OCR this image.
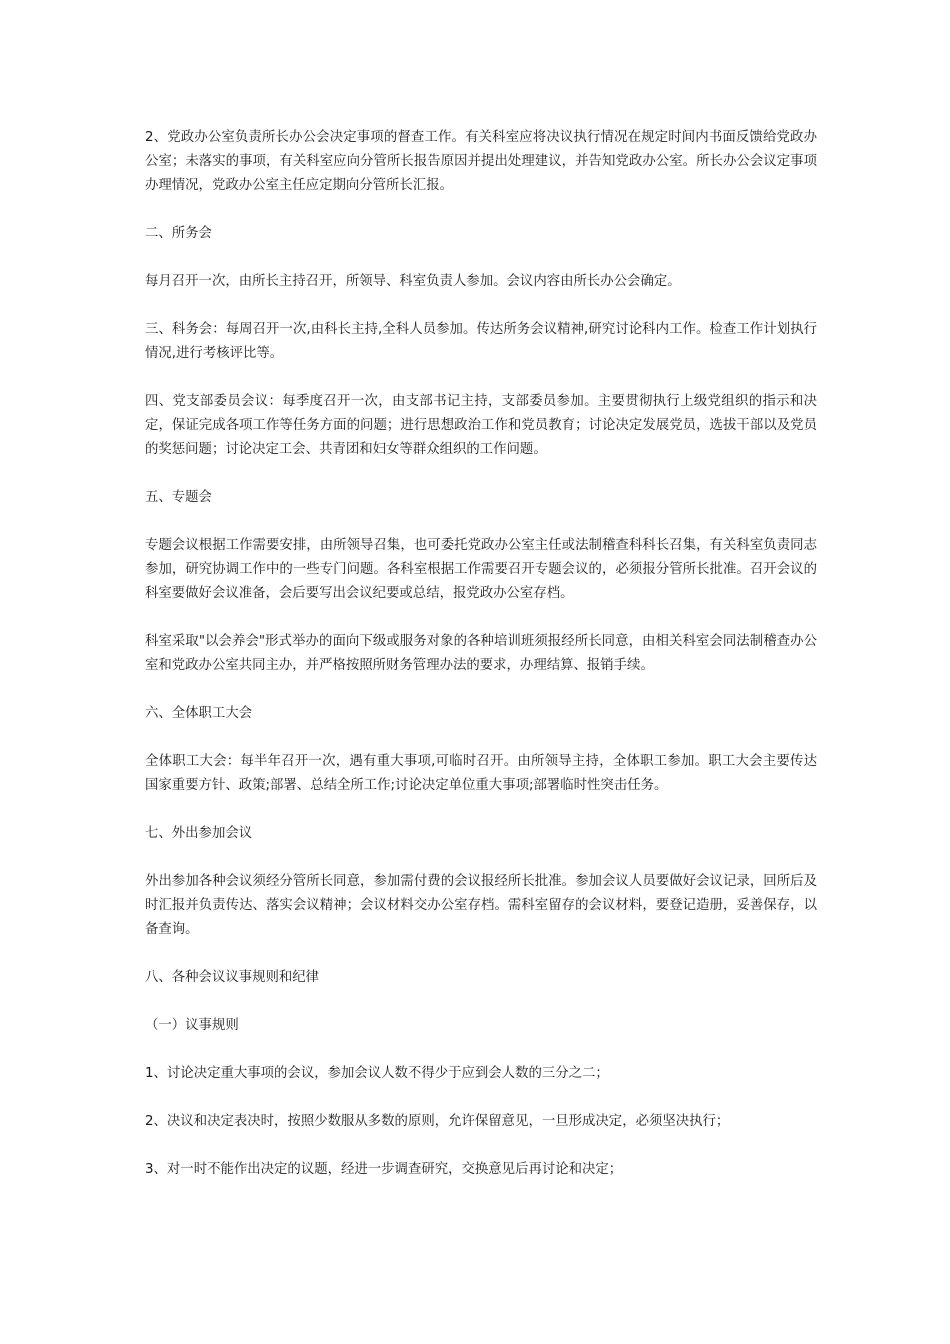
2、党政办公室负责所长办公会决定事项的督查工作。有关科室应将决议执行情况在规定时间内书面反馈给党政办公室；未落实的事项，有关科室应向分管所长报告原因并提出处理建议，并告知党政办公室。所长办公会议定事项办理情况，党政办公室主任应定期向分管所长汇报。

二、所务会

每月召开一次，由所长主持召开，所领导、科室负责人参加。会议内容由所长办公会确定。

三、科务会：每周召开一次,由科长主持,全科人员参加。传达所务会议精神,研究讨论科内工作。检查工作计划执行情况,进行考核评比等。

四、党支部委员会议：每季度召开一次，由支部书记主持，支部委员参加。主要贯彻执行上级党组织的指示和决定，保证完成各项工作等任务方面的问题；进行思想政治工作和党员教育；讨论决定发展党员，选拔干部以及党员的奖惩问题；讨论决定工会、共青团和妇女等群众组织的工作问题。

五、专题会

专题会议根据工作需要安排，由所领导召集，也可委托党政办公室主任或法制稽查科科长召集，有关科室负责同志参加，研究协调工作中的一些专门问题。各科室根据工作需要召开专题会议的，必须报分管所长批准。召开会议的科室要做好会议准备，会后要写出会议纪要或总结，报党政办公室存档。

科室采取"以会养会"形式举办的面向下级或服务对象的各种培训班须报经所长同意，由相关科室会同法制稽查办公室和党政办公室共同主办，并严格按照所财务管理办法的要求，办理结算、报销手续。

六、全体职工大会

全体职工大会：每半年召开一次，遇有重大事项,可临时召开。由所领导主持，全体职工参加。职工大会主要传达国家重要方针、政策;部署、总结全所工作;讨论决定单位重大事项;部署临时性突击任务。

七、外出参加会议

外出参加各种会议须经分管所长同意，参加需付费的会议报经所长批准。参加会议人员要做好会议记录，回所后及时汇报并负责传达、落实会议精神；会议材料交办公室存档。需科室留存的会议材料，要登记造册，妥善保存，以备查询。

八、各种会议议事规则和纪律

（一）议事规则

1、讨论决定重大事项的会议，参加会议人数不得少于应到会人数的三分之二；

2、决议和决定表决时，按照少数服从多数的原则，允许保留意见，一旦形成决定，必须坚决执行；

3、对一时不能作出决定的议题，经进一步调查研究，交换意见后再讨论和决定；
